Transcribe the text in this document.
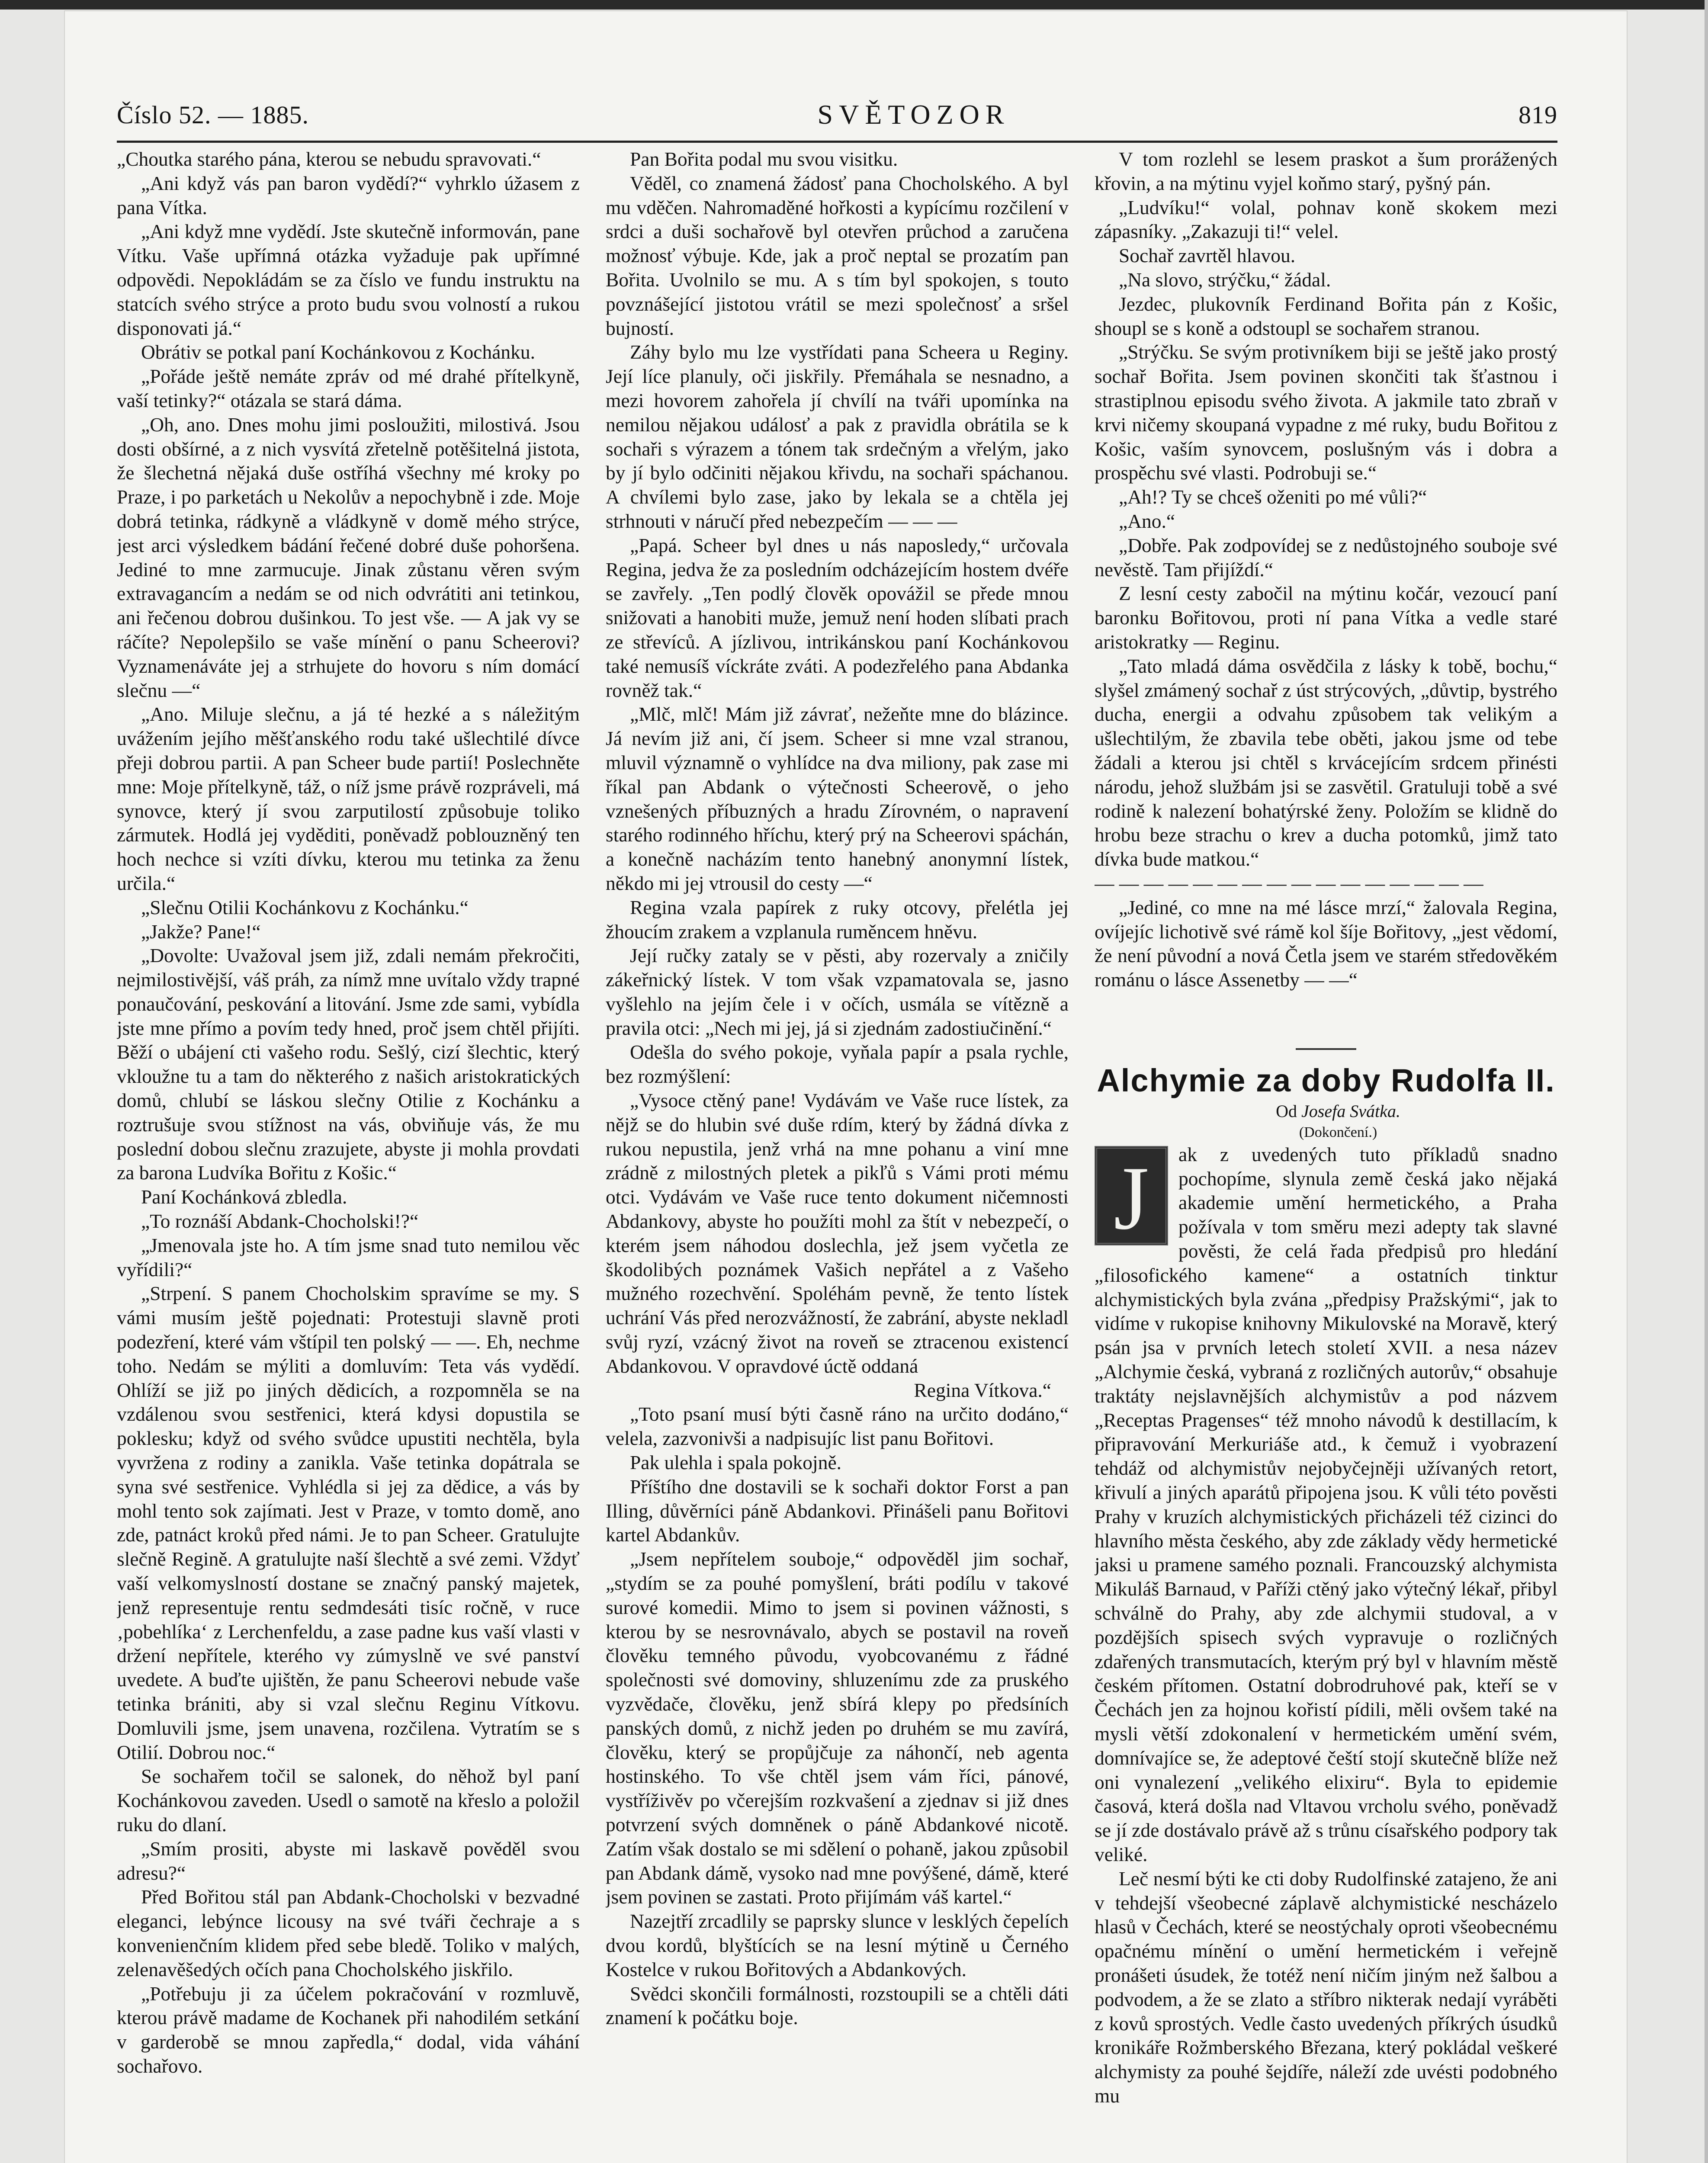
Číslo 52. — 1885.	SVĚTOZOR	819

„Choutka starého pána, kterou se nebudu spravovati.“

„Ani když vás pan baron vydědí?“ vyhrklo úžasem z pana Vítka.

„Ani když mne vydědí. Jste skutečně informován, pane Vítku. Vaše upřímná otázka vyžaduje pak upřímné odpovědi. Nepokládám se za číslo ve fundu instruktu na statcích svého strýce a proto budu svou volností a rukou disponovati já.“

Obrátiv se potkal paní Kochánkovou z Kochánku.

„Pořáde ještě nemáte zpráv od mé drahé přítelkyně, vaší tetinky?“ otázala se stará dáma.

„Oh, ano. Dnes mohu jimi posloužiti, milostivá. Jsou dosti obšírné, a z nich vysvítá zřetelně potěšitelná jistota, že šlechetná nějaká duše ostříhá všechny mé kroky po Praze, i po parketách u Nekolův a nepochybně i zde. Moje dobrá tetinka, rádkyně a vládkyně v domě mého strýce, jest arci výsledkem bádání řečené dobré duše pohoršena. Jediné to mne zarmucuje. Jinak zůstanu věren svým extravagancím a nedám se od nich odvrátiti ani tetinkou, ani řečenou dobrou dušinkou. To jest vše. — A jak vy se ráčíte? Nepolepšilo se vaše mínění o panu Scheerovi? Vyznamenáváte jej a strhujete do hovoru s ním domácí slečnu —“

„Ano. Miluje slečnu, a já té hezké a s náležitým uvážením jejího měšťanského rodu také ušlechtilé dívce přeji dobrou partii. A pan Scheer bude partií! Poslechněte mne: Moje přítelkyně, táž, o níž jsme právě rozpráveli, má synovce, který jí svou zarputilostí způsobuje toliko zármutek. Hodlá jej vyděditi, poněvadž poblouzněný ten hoch nechce si vzíti dívku, kterou mu tetinka za ženu určila.“

„Slečnu Otilii Kochánkovu z Kochánku.“

„Jakže? Pane!“

„Dovolte: Uvažoval jsem již, zdali nemám překročiti, nejmilostivější, váš práh, za nímž mne uvítalo vždy trapné ponaučování, peskování a litování. Jsme zde sami, vybídla jste mne přímo a povím tedy hned, proč jsem chtěl přijíti. Běží o ubájení cti vašeho rodu. Sešlý, cizí šlechtic, který vkloužne tu a tam do některého z našich aristokratických domů, chlubí se láskou slečny Otilie z Kochánku a roztrušuje svou stížnost na vás, obviňuje vás, že mu poslední dobou slečnu zrazujete, abyste ji mohla provdati za barona Ludvíka Bořitu z Košic.“

Paní Kochánková zbledla.

„To roznáší Abdank-Chocholski!?“

„Jmenovala jste ho. A tím jsme snad tuto nemilou věc vyřídili?“

„Strpení. S panem Chocholskim spravíme se my. S vámi musím ještě pojednati: Protestuji slavně proti podezření, které vám vštípil ten polský — —. Eh, nechme toho. Nedám se mýliti a domluvím: Teta vás vydědí. Ohlíží se již po jiných dědicích, a rozpomněla se na vzdálenou svou sestřenici, která kdysi dopustila se poklesku; když od svého svůdce upustiti nechtěla, byla vyvržena z rodiny a zanikla. Vaše tetinka dopátrala se syna své sestřenice. Vyhlédla si jej za dědice, a vás by mohl tento sok zajímati. Jest v Praze, v tomto domě, ano zde, patnáct kroků před námi. Je to pan Scheer. Gratulujte slečně Regině. A gratulujte naší šlechtě a své zemi. Vždyť vaší velkomyslností dostane se značný panský majetek, jenž representuje rentu sedmdesáti tisíc ročně, v ruce ‚pobehlíka‘ z Lerchenfeldu, a zase padne kus vaší vlasti v držení nepřítele, kterého vy zúmyslně ve své panství uvedete. A buďte ujištěn, že panu Scheerovi nebude vaše tetinka brániti, aby si vzal slečnu Reginu Vítkovu. Domluvili jsme, jsem unavena, rozčilena. Vytratím se s Otilií. Dobrou noc.“

Se sochařem točil se salonek, do něhož byl paní Kochánkovou zaveden. Usedl o samotě na křeslo a položil ruku do dlaní.

„Smím prositi, abyste mi laskavě pověděl svou adresu?“

Před Bořitou stál pan Abdank-Chocholski v bezvadné eleganci, lebýnce licousy na své tváři čechraje a s konvenienčním klidem před sebe bledě. Toliko v malých, zelenavěšedých očích pana Chocholského jiskřilo.

„Potřebuju ji za účelem pokračování v rozmluvě, kterou právě madame de Kochanek při nahodilém setkání v garderobě se mnou zapředla,“ dodal, vida váhání sochařovo.

Pan Bořita podal mu svou visitku.

Věděl, co znamená žádosť pana Chocholského. A byl mu vděčen. Nahromaděné hořkosti a kypícímu rozčilení v srdci a duši sochařově byl otevřen průchod a zaručena možnosť výbuje. Kde, jak a proč neptal se prozatím pan Bořita. Uvolnilo se mu. A s tím byl spokojen, s touto povznášející jistotou vrátil se mezi společnosť a sršel bujností.

Záhy bylo mu lze vystřídati pana Scheera u Reginy. Její líce planuly, oči jiskřily. Přemáhala se nesnadno, a mezi hovorem zahořela jí chvílí na tváři upomínka na nemilou nějakou událosť a pak z pravidla obrátila se k sochaři s výrazem a tónem tak srdečným a vřelým, jako by jí bylo odčiniti nějakou křivdu, na sochaři spáchanou. A chvílemi bylo zase, jako by lekala se a chtěla jej strhnouti v náručí před nebezpečím — — —

„Papá. Scheer byl dnes u nás naposledy,“ určovala Regina, jedva že za posledním odcházejícím hostem dvéře se zavřely. „Ten podlý člověk opovážil se přede mnou snižovati a hanobiti muže, jemuž není hoden slíbati prach ze střevíců. A jízlivou, intrikánskou paní Kochánkovou také nemusíš víckráte zváti. A podezřelého pana Abdanka rovněž tak.“

„Mlč, mlč! Mám již závrať, nežeňte mne do blázince. Já nevím již ani, čí jsem. Scheer si mne vzal stranou, mluvil významně o vyhlídce na dva miliony, pak zase mi říkal pan Abdank o výtečnosti Scheerově, o jeho vznešených příbuzných a hradu Zírovném, o napravení starého rodinného hříchu, který prý na Scheerovi spáchán, a konečně nacházím tento hanebný anonymní lístek, někdo mi jej vtrousil do cesty —“

Regina vzala papírek z ruky otcovy, přelétla jej žhoucím zrakem a vzplanula ruměncem hněvu.

Její ručky zataly se v pěsti, aby rozervaly a zničily zákeřnický lístek. V tom však vzpamatovala se, jasno vyšlehlo na jejím čele i v očích, usmála se vítězně a pravila otci: „Nech mi jej, já si zjednám zadostiučinění.“

Odešla do svého pokoje, vyňala papír a psala rychle, bez rozmýšlení:

„Vysoce ctěný pane! Vydávám ve Vaše ruce lístek, za nějž se do hlubin své duše rdím, který by žádná dívka z rukou nepustila, jenž vrhá na mne pohanu a viní mne zrádně z milostných pletek a pikľů s Vámi proti mému otci. Vydávám ve Vaše ruce tento dokument ničemnosti Abdankovy, abyste ho použíti mohl za štít v nebezpečí, o kterém jsem náhodou doslechla, jež jsem vyčetla ze škodolibých poznámek Vašich nepřátel a z Vašeho mužného rozechvění. Spoléhám pevně, že tento lístek uchrání Vás před nerozvážností, že zabrání, abyste nekladl svůj ryzí, vzácný život na roveň se ztracenou existencí Abdankovou. V opravdové úctě oddaná

Regina Vítkova.“

„Toto psaní musí býti časně ráno na určito dodáno,“ velela, zazvonivši a nadpisujíc list panu Bořitovi.

Pak ulehla i spala pokojně.

Příštího dne dostavili se k sochaři doktor Forst a pan Illing, důvěrníci páně Abdankovi. Přinášeli panu Bořitovi kartel Abdankův.

„Jsem nepřítelem souboje,“ odpověděl jim sochař, „stydím se za pouhé pomyšlení, bráti podílu v takové surové komedii. Mimo to jsem si povinen vážnosti, s kterou by se nesrovnávalo, abych se postavil na roveň člověku temného původu, vyobcovanému z řádné společnosti své domoviny, shluzenímu zde za pruského vyzvědače, člověku, jenž sbírá klepy po předsíních panských domů, z nichž jeden po druhém se mu zavírá, člověku, který se propůjčuje za náhončí, neb agenta hostinského. To vše chtěl jsem vám říci, pánové, vystříživěv po včerejším rozkvašení a zjednav si již dnes potvrzení svých domněnek o páně Abdankové nicotě. Zatím však dostalo se mi sdělení o pohaně, jakou způsobil pan Abdank dámě, vysoko nad mne povýšené, dámě, které jsem povinen se zastati. Proto přijímám váš kartel.“

Nazejtří zrcadlily se paprsky slunce v lesklých čepelích dvou kordů, blyštících se na lesní mýtině u Černého Kostelce v rukou Bořitových a Abdankových.

Svědci skončili formálnosti, rozstoupili se a chtěli dáti znamení k počátku boje.

V tom rozlehl se lesem praskot a šum prorážených křovin, a na mýtinu vyjel koňmo starý, pyšný pán.

„Ludvíku!“ volal, pohnav koně skokem mezi zápasníky. „Zakazuji ti!“ velel.

Sochař zavrtěl hlavou.

„Na slovo, strýčku,“ žádal.

Jezdec, plukovník Ferdinand Bořita pán z Košic, shoupl se s koně a odstoupl se sochařem stranou.

„Strýčku. Se svým protivníkem biji se ještě jako prostý sochař Bořita. Jsem povinen skončiti tak šťastnou i strastiplnou episodu svého života. A jakmile tato zbraň v krvi ničemy skoupaná vypadne z mé ruky, budu Bořitou z Košic, vaším synovcem, poslušným vás i dobra a prospěchu své vlasti. Podrobuji se.“

„Ah!? Ty se chceš oženiti po mé vůli?“

„Ano.“

„Dobře. Pak zodpovídej se z nedůstojného souboje své nevěstě. Tam přijíždí.“

Z lesní cesty zabočil na mýtinu kočár, vezoucí paní baronku Bořitovou, proti ní pana Vítka a vedle staré aristokratky — Reginu.

„Tato mladá dáma osvědčila z lásky k tobě, bochu,“ slyšel zmámený sochař z úst strýcových, „důvtip, bystrého ducha, energii a odvahu způsobem tak velikým a ušlechtilým, že zbavila tebe oběti, jakou jsme od tebe žádali a kterou jsi chtěl s krvácejícím srdcem přinésti národu, jehož službám jsi se zasvětil. Gratuluji tobě a své rodině k nalezení bohatýrské ženy. Položím se klidně do hrobu beze strachu o krev a ducha potomků, jimž tato dívka bude matkou.“

— — — — — — — — — — — — — — — —

„Jediné, co mne na mé lásce mrzí,“ žalovala Regina, ovíjejíc lichotivě své rámě kol šíje Bořitovy, „jest vědomí, že není původní a nová Četla jsem ve starém středověkém románu o lásce Assenetby — —“

Alchymie za doby Rudolfa II.

Od Josefa Svátka.

(Dokončení.)

J	ak z uvedených tuto příkladů snadno pochopíme, slynula země česká jako nějaká akademie umění hermetického, a Praha požívala v tom směru mezi adepty tak slavné pověsti, že celá řada předpisů pro hledání „filosofického kamene“ a ostatních tinktur alchymistických byla zvána „předpisy Pražskými“, jak to vidíme v rukopise knihovny Mikulovské na Moravě, který psán jsa v prvních letech století XVII. a nesa název „Alchymie česká, vybraná z rozličných autorův,“ obsahuje traktáty nejslavnějších alchymistův a pod názvem „Receptas Pragenses“ též mnoho návodů k destillacím, k připravování Merkuriáše atd., k čemuž i vyobrazení tehdáž od alchymistův nejobyčejněji užívaných retort, křivulí a jiných aparátů připojena jsou. K vůli této pověsti Prahy v kruzích alchymistických přicházeli též cizinci do hlavního města českého, aby zde základy vědy hermetické jaksi u pramene samého poznali. Francouzský alchymista Mikuláš Barnaud, v Paříži ctěný jako výtečný lékař, přibyl schválně do Prahy, aby zde alchymii studoval, a v pozdějších spisech svých vypravuje o rozličných zdařených transmutacích, kterým prý byl v hlavním městě českém přítomen. Ostatní dobrodruhové pak, kteří se v Čechách jen za hojnou kořistí pídili, měli ovšem také na mysli větší zdokonalení v hermetickém umění svém, domnívajíce se, že adeptové čeští stojí skutečně blíže než oni vynalezení „velikého elixiru“. Byla to epidemie časová, která došla nad Vltavou vrcholu svého, poněvadž se jí zde dostávalo právě až s trůnu císařského podpory tak veliké.

Leč nesmí býti ke cti doby Rudolfinské zatajeno, že ani v tehdejší všeobecné záplavě alchymistické nescházelo hlasů v Čechách, které se neostýchaly oproti všeobecnému opačnému mínění o umění hermetickém i veřejně pronášeti úsudek, že totéž není ničím jiným než šalbou a podvodem, a že se zlato a stříbro nikterak nedají vyráběti z kovů sprostých. Vedle často uvedených příkrých úsudků kronikáře Rožmberského Březana, který pokládal veškeré alchymisty za pouhé šejdíře, náleží zde uvésti podobného mu
